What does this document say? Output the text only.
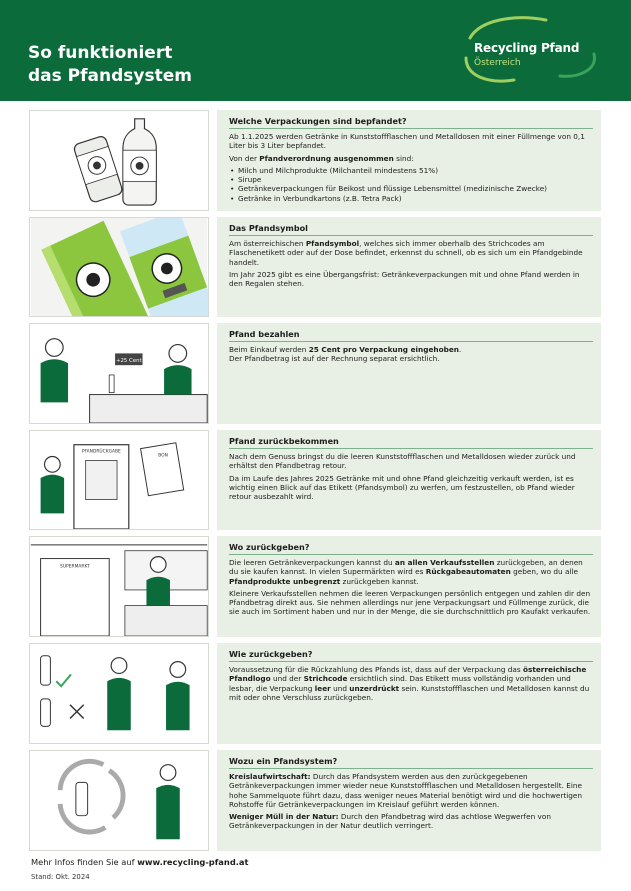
So funktioniert
das Pfandsystem
Recycling Pfand
Österreich
Welche Verpackungen sind bepfandet?

Ab 1.1.2025 werden Getränke in Kunststoffflaschen und Metalldosen mit einer Füllmenge von 0,1 Liter bis 3 Liter bepfandet.

Von der Pfandverordnung ausgenommen sind:

• Milch und Milchprodukte (Milchanteil mindestens 51%)
• Sirupe
• Getränkeverpackungen für Beikost und flüssige Lebensmittel (medizinische Zwecke)
• Getränke in Verbundkartons (z.B. Tetra Pack)
Das Pfandsymbol

Am österreichischen Pfandsymbol, welches sich immer oberhalb des Strichcodes am Flaschenetikett oder auf der Dose befindet, erkennst du schnell, ob es sich um ein Pfandgebinde handelt.

Im Jahr 2025 gibt es eine Übergangsfrist: Getränkeverpackungen mit und ohne Pfand werden in den Regalen stehen.

+25 Cent
Pfand bezahlen

Beim Einkauf werden 25 Cent pro Verpackung eingehoben.

Der Pfandbetrag ist auf der Rechnung separat ersichtlich.

PFANDRÜCKGABE
BON
Pfand zurückbekommen

Nach dem Genuss bringst du die leeren Kunststoffflaschen und Metalldosen wieder zurück und erhältst den Pfandbetrag retour.

Da im Laufe des Jahres 2025 Getränke mit und ohne Pfand gleichzeitig verkauft werden, ist es wichtig einen Blick auf das Etikett (Pfandsymbol) zu werfen, um festzustellen, ob Pfand wieder retour ausbezahlt wird.

SUPERMARKT
Wo zurückgeben?

Die leeren Getränkeverpackungen kannst du an allen Verkaufsstellen zurückgeben, an denen du sie kaufen kannst. In vielen Supermärkten wird es Rückgabeautomaten geben, wo du alle Pfandprodukte unbegrenzt zurückgeben kannst.

Kleinere Verkaufsstellen nehmen die leeren Verpackungen persönlich entgegen und zahlen dir den Pfandbetrag direkt aus. Sie nehmen allerdings nur jene Verpackungsart und Füllmenge zurück, die sie auch im Sortiment haben und nur in der Menge, die sie durchschnittlich pro Kaufakt verkaufen.

Wie zurückgeben?

Voraussetzung für die Rückzahlung des Pfands ist, dass auf der Verpackung das österreichische Pfandlogo und der Strichcode ersichtlich sind. Das Etikett muss vollständig vorhanden und lesbar, die Verpackung leer und unzerdrückt sein. Kunststoffflaschen und Metalldosen kannst du mit oder ohne Verschluss zurückgeben.

Wozu ein Pfandsystem?

Kreislaufwirtschaft: Durch das Pfandsystem werden aus den zurückgegebenen Getränkeverpackungen immer wieder neue Kunststoffflaschen und Metalldosen hergestellt. Eine hohe Sammelquote führt dazu, dass weniger neues Material benötigt wird und die hochwertigen Rohstoffe für Getränkeverpackungen im Kreislauf geführt werden können.

Weniger Müll in der Natur: Durch den Pfandbetrag wird das achtlose Wegwerfen von Getränkeverpackungen in der Natur deutlich verringert.

Mehr Infos finden Sie auf www.recycling-pfand.at
Stand: Okt. 2024
